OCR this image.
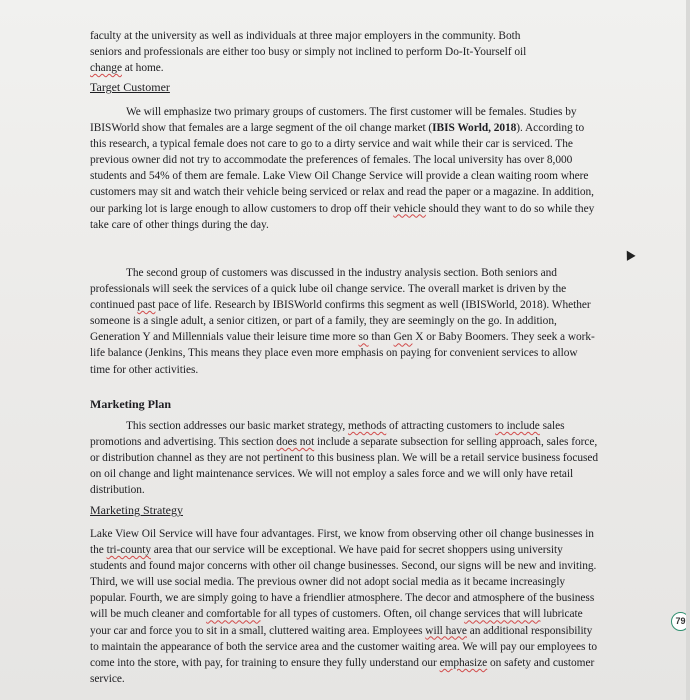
faculty at the university as well as individuals at three major employers in the community. Both
seniors and professionals are either too busy or simply not inclined to perform Do-It-Yourself oil
change at home.

Target Customer

We will emphasize two primary groups of customers. The first customer will be females. Studies by IBISWorld show that females are a large segment of the oil change market (IBIS World, 2018). According to this research, a typical female does not care to go to a dirty service and wait while their car is serviced. The previous owner did not try to accommodate the preferences of females. The local university has over 8,000 students and 54% of them are female. Lake View Oil Change Service will provide a clean waiting room where customers may sit and watch their vehicle being serviced or relax and read the paper or a magazine. In addition, our parking lot is large enough to allow customers to drop off their vehicle should they want to do so while they take care of other things during the day.

The second group of customers was discussed in the industry analysis section. Both seniors and professionals will seek the services of a quick lube oil change service. The overall market is driven by the continued past pace of life. Research by IBISWorld confirms this segment as well (IBISWorld, 2018). Whether someone is a single adult, a senior citizen, or part of a family, they are seemingly on the go. In addition, Generation Y and Millennials value their leisure time more so than Gen X or Baby Boomers. They seek a work-life balance (Jenkins, This means they place even more emphasis on paying for convenient services to allow time for other activities.

Marketing Plan

This section addresses our basic market strategy, methods of attracting customers to include sales promotions and advertising. This section does not include a separate subsection for selling approach, sales force, or distribution channel as they are not pertinent to this business plan. We will be a retail service business focused on oil change and light maintenance services. We will not employ a sales force and we will only have retail distribution.

Marketing Strategy

Lake View Oil Service will have four advantages. First, we know from observing other oil change businesses in the tri-county area that our service will be exceptional. We have paid for secret shoppers using university students and found major concerns with other oil change businesses. Second, our signs will be new and inviting. Third, we will use social media. The previous owner did not adopt social media as it became increasingly popular. Fourth, we are simply going to have a friendlier atmosphere. The decor and atmosphere of the business will be much cleaner and comfortable for all types of customers. Often, oil change services that will lubricate your car and force you to sit in a small, cluttered waiting area. Employees will have an additional responsibility to maintain the appearance of both the service area and the customer waiting area. We will pay our employees to come into the store, with pay, for training to ensure they fully understand our emphasize on safety and customer service.

79
